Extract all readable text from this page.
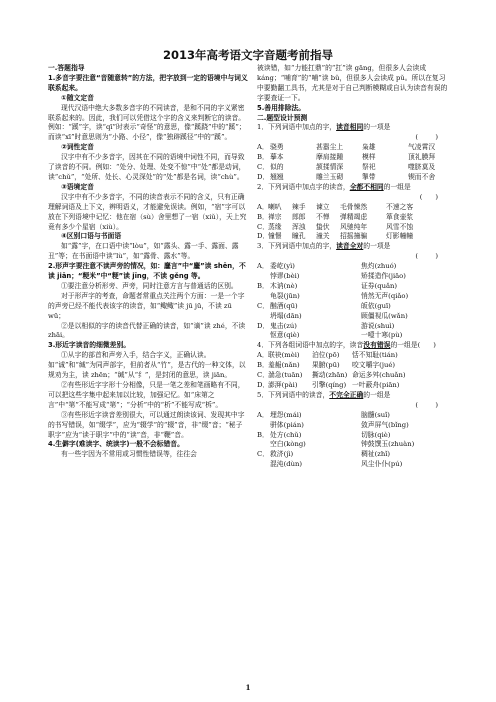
2013年高考语文字音题考前指导

一.答题指导

1.多音字要注意“音随意转”的方法，把字放到一定的语境中与词义联系起来。

①随文定音

现代汉语中绝大多数多音字的不同读音，是和不同的字义紧密联系起来的。因此，我们可以凭借这个字的含义来判断它的读音。例如：“蹊”字，读“qī”时表示“奇怪”的意思，像“蹊跷”中的“蹊”；而读“xī”时意思则为“小路、小径”，像“独辟蹊径”中的“蹊”。

②词性定音

汉字中有不少多音字，因其在不同的语境中词性不同，而导致了读音的不同。例如：“处分、处理、处变不惊”中“处”都是动词，读“chǔ”，“处所、处长、心灵深处”的“处”都是名词，读“chù”。

③语境定音

汉字中有不少多音字，不同的读音表示不同的含义，只有正确理解词语及上下文，辨明语义，才能避免误读。例如，“宿”字可以放在下列语境中记忆：他在宿（sù）舍里想了一宿（xiǔ），天上究竟有多少个星宿（xiù）。

④区别口语与书面语

如“露”字，在口语中读“lòu”，如“露头、露一手、露面、露丑”等；在书面语中读“lù”，如“露骨、露水”等。

2.形声字要注意不读声旁的情况，如：鏖言”中“鏖”读 shēn，不读 jiān；“粳米”中“粳”读 jīng，不读 gěng 等。

①要注意分析形旁、声旁，同时注意方言与普通话的区别。

对于形声字的考查，命题者常重点关注两个方面：一是一个字的声旁已经不能代表该字的读音，如“鲰鲰”读 jū jū，不读 zū wū；

②是以相似的字的读音代替正确的读音，如“谪”读 zhé，不读 zhāi。

3.形近字读音的细微差别。

①从字的部首和声旁入手，结合字义，正确认读。如“诚”和“缄”为同声部字，但前者从“竹”，是古代的一种文体，以规劝为主，读 zhēn；“缄”从“纟”，是封闭的意思，读 jiān。

②有些形近字字形十分相像，只是一笔之差和笔画略有不同，可以把这些字集中起来加以比较，加强记忆。如“床第之言”中“第”不能写成“第”；“分析”中的“析”不能写成“柝”。

③有些形近字读音差别很大，可以通过朗读该词、发现其中字的书写错误，如“缀学”，应为“辍学”的“辍”音，非“缀”音；“秘子职字”应为“读于职字”中的“读”音，非“鞭”音。

4.生僻字(难读字、统读字)一般不会标错音。

有一些字因为不常用或习惯性错误等，往往会

被读错，如“力能扛鼎”的“扛”读 gāng，但很多人会读成 káng；“哺育”的“哺”读 bǔ，但很多人会读成 pǔ。所以在复习中要勤翻工具书，尤其是对于自己判断模糊或自认为读音有误的字要查证一下。

5.善用排除法。

二.题型设计预测

1．下列词语中加点的字，读音相同的一项是

(        )

A． 骁勇	甚嚣尘上	枭雄	气凌霄汉
B． 摹本	摩肩接踵	模样	顶礼膜拜
C． 似的	颔揉情深	祭祀	噬脐莫及
D． 翘翘	雕兰玉砌	掣带	锲而不舍

2．下列词语中加点字的读音，全都不相同的一组是

(      )

A． 喇叭	辣手	谏立	毛骨悚然	不速之客
B． 禅宗	郎郎	不惮	弹精竭虑	箪食壶浆
C． 蒸缘	浑浊	蛰伏	风驰纯年	风雪不蚀
D．
憧憬	瞳孔	潼关	招摇撞骗	灯影幢幢

3．下列词语中加点的字，读音全对的一项是

(        )

A． 委屹(yì)	焦灼(zhuó)
悖谬(bèi)	矫揉造作(jiāo)
B． 木讷(nè)	证券(quǎn)
龟裂(jūn)	悄然无声(qiǎo)
C． 酗酒(qū)	皈依(guī)
坍塌(dān)	顾僵视瓜(wǎn)
D． 鬼击(zú)	游说(shuì)
怄意(qiè)	一噎十寒(pù)

4．下列各组词语中加点的字，读音没有错误的一组是(      )

A． 联袂(mèi)	泊位(pō)	恬不知耻(tián)
B． 羞赧(nǎn)	果腑(pū)	咬文嚼字(jué)
C． 湍急(tuān)	撕动(zhān) 命运多舛(chuǎn)
D．
澎湃(pài)	引擎(qíng) 一叶蔽舟(piān)

5．下列词语中的读音，不完全正确的一组是

(        )

A． 埋怨(mái)	脑髓(suǐ)
骈体(pián)	敛声屏气(bǐng)
B． 处方(chǔ)	切脉(qiè)
空白(kòng)	钟鼓馔玉(zhuàn)
C． 救济(jì)	稠祉(zhǐ)
混沌(dùn)	风尘仆仆(pú)
1
